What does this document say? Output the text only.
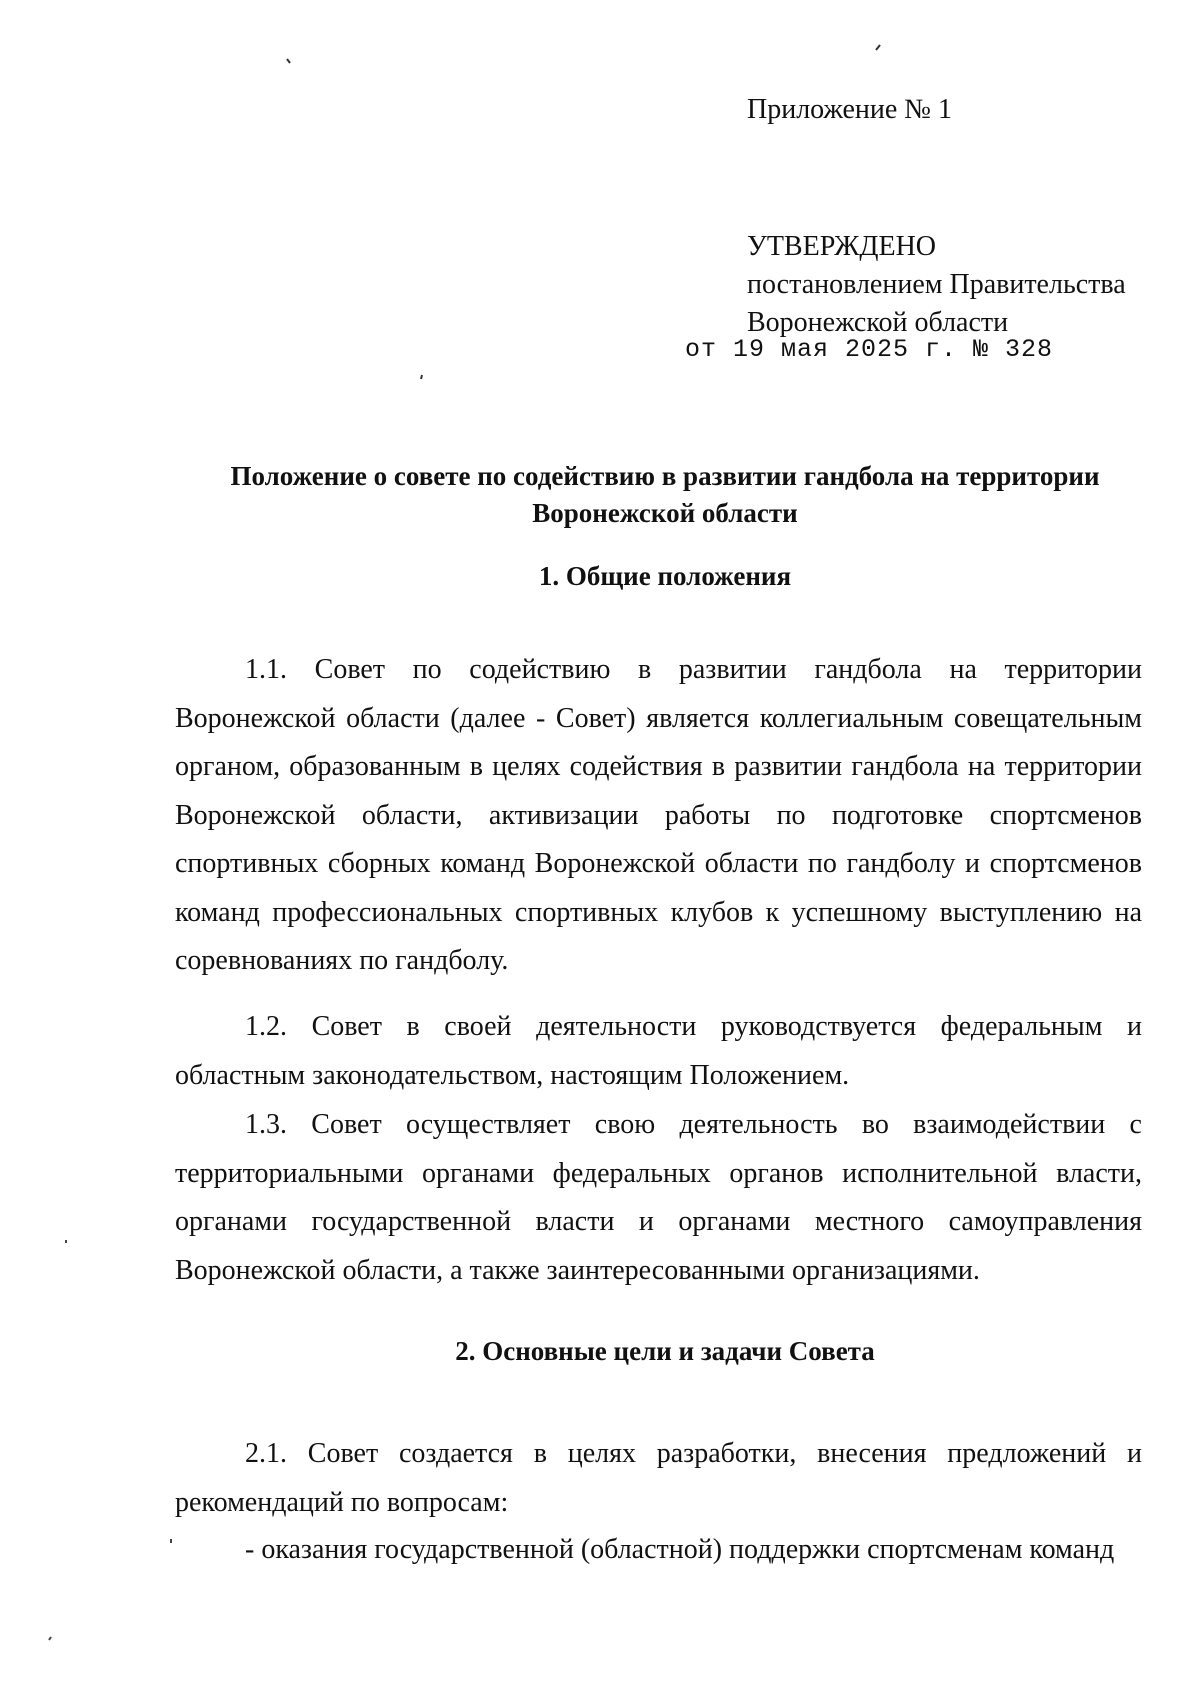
Приложение № 1
УТВЕРЖДЕНО
постановлением Правительства
Воронежской области
от 19 мая 2025 г. № 328
Положение о совете по содействию в развитии гандбола на территории
Воронежской области
1. Общие положения

1.1. Совет по содействию в развитии гандбола на территории Воронежской области (далее - Совет) является коллегиальным совещательным органом, образованным в целях содействия в развитии гандбола на территории Воронежской области, активизации работы по подготовке спортсменов спортивных сборных команд Воронежской области по гандболу и спортсменов команд профессиональных спортивных клубов к успешному выступлению на соревнованиях по гандболу.

1.2. Совет в своей деятельности руководствуется федеральным и областным законодательством, настоящим Положением.

1.3. Совет осуществляет свою деятельность во взаимодействии с территориальными органами федеральных органов исполнительной власти, органами государственной власти и органами местного самоуправления Воронежской области, а также заинтересованными организациями.

2. Основные цели и задачи Совета

2.1. Совет создается в целях разработки, внесения предложений и рекомендаций по вопросам:

- оказания государственной (областной) поддержки спортсменам команд
